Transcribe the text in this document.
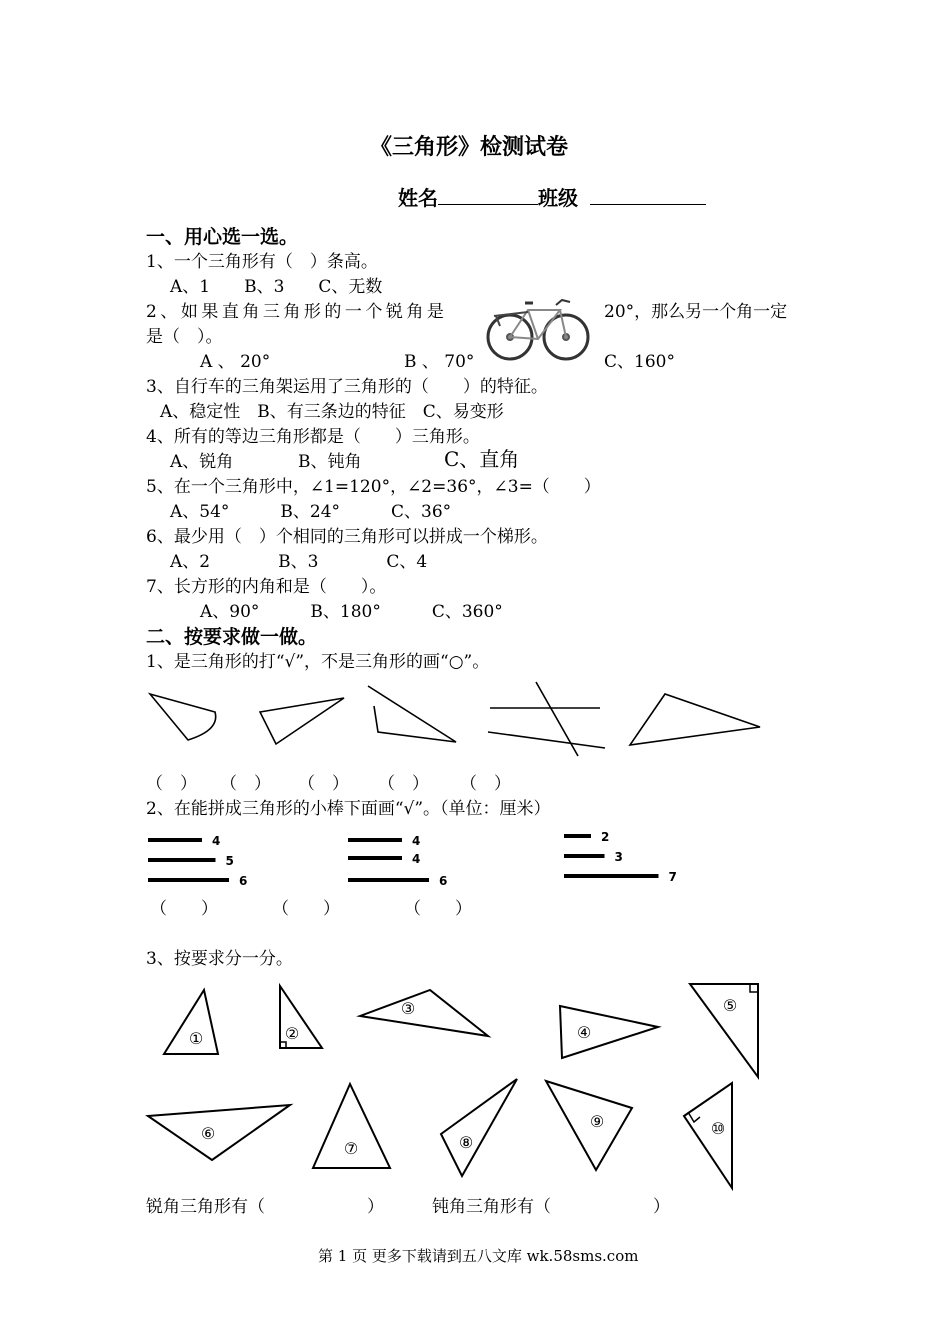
《三角形》检测试卷
姓名	班级
一、用心选一选。
1、一个三角形有（　）条高。
A、1　　B、3　　C、无数
2、如果直角三角形的一个锐角是	20°，那么另一个角一定
是（　）。
A 、 20°	B 、 70°	C、160°
3、自行车的三角架运用了三角形的（　　）的特征。
A、稳定性　B、有三条边的特征　C、易变形
4、所有的等边三角形都是（　　）三角形。
A、锐角	B、钝角	C、直角
5、在一个三角形中，∠1=120°，∠2=36°，∠3=（　　）
A、54°　　　B、24°　　　C、36°
6、最少用（　）个相同的三角形可以拼成一个梯形。
A、2　　　　B、3　　　　C、4
7、长方形的内角和是（　　）。
A、90°　　　B、180°　　　C、360°
二、按要求做一做。
1、是三角形的打“√”，不是三角形的画“○”。
（　） （　） （　） （　） （　）
2、在能拼成三角形的小棒下面画“√”。（单位：厘米）
4
5
6
4
4
6
2
3
7
（　　）	（　　）	（　　）
3、按要求分一分。
①	②
③
④
⑤
⑥
⑦	⑧
⑨	⑩
锐角三角形有（　　　　　　）	钝角三角形有（　　　　　　）
第 1 页 更多下载请到五八文库 wk.58sms.com
